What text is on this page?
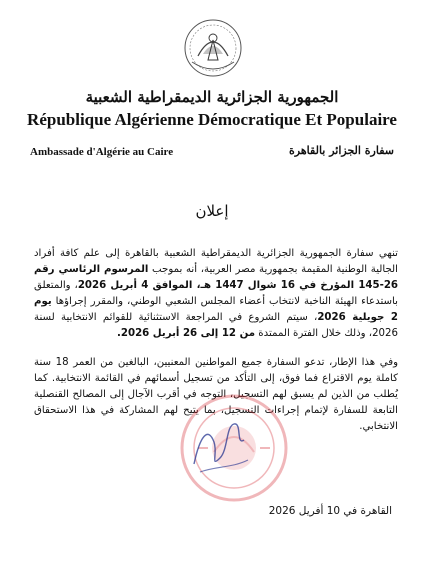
الجمهورية الجزائرية الديمقراطية الشعبية
République Algérienne Démocratique Et Populaire
Ambassade d'Algérie au Caire	سفارة الجزائر بالقاهرة
إعلان
تنهي سفارة الجمهورية الجزائرية الديمقراطية الشعبية بالقاهرة إلى علم كافة أفراد الجالية الوطنية المقيمة بجمهورية مصر العربية، أنه بموجب المرسوم الرئاسي رقم 26-145 المؤرخ في 16 شوال 1447 هـ، الموافق 4 أبريل 2026، والمتعلق باستدعاء الهيئة الناخبة لانتخاب أعضاء المجلس الشعبي الوطني، والمقرر إجراؤها يوم 2 جويلية 2026، سيتم الشروع في المراجعة الاستثنائية للقوائم الانتخابية لسنة 2026، وذلك خلال الفترة الممتدة من 12 إلى 26 أبريل 2026.
وفي هذا الإطار، تدعو السفارة جميع المواطنين المعنيين، البالغين من العمر 18 سنة كاملة يوم الاقتراع فما فوق، إلى التأكد من تسجيل أسمائهم في القائمة الانتخابية. كما يُطلب من الذين لم يسبق لهم التسجيل، التوجه في أقرب الآجال إلى المصالح القنصلية التابعة للسفارة لإتمام إجراءات التسجيل، بما يتيح لهم المشاركة في هذا الاستحقاق الانتخابي.
القاهرة في 10 أفريل 2026
